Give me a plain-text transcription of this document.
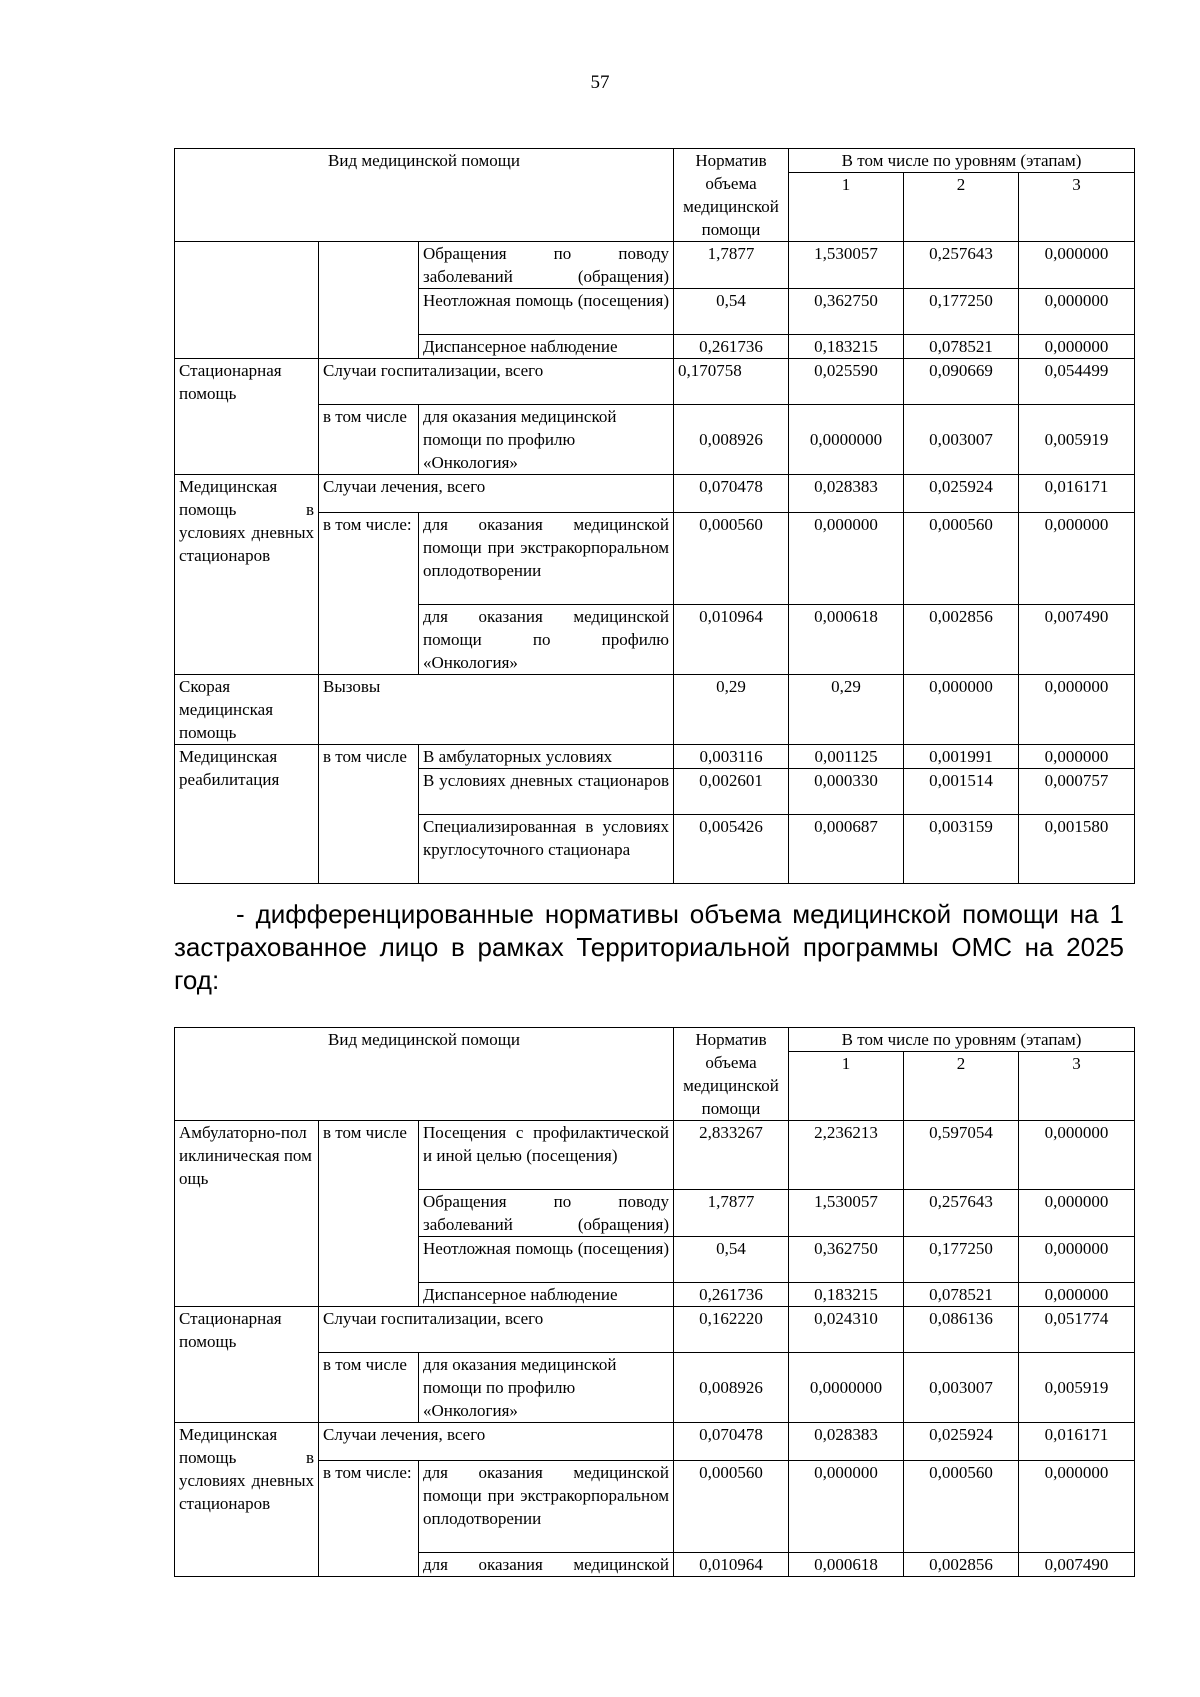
57
Вид медицинской помощи			Норматив объема медицинской помощи	В том числе по уровням (этапам)		
				1	2	3
		Обращения по поводу заболеваний (обращения)	1,7877	1,530057	0,257643	0,000000
		Неотложная помощь (посещения)	0,54	0,362750	0,177250	0,000000
		Диспансерное наблюдение	0,261736	0,183215	0,078521	0,000000
Стационарная помощь	Случаи госпитализации, всего		0,170758	0,025590	0,090669	0,054499
	в том числе	для оказания медицинской помощи по профилю «Онкология»	0,008926	0,0000000	0,003007	0,005919
Медицинская помощь в условиях дневных стационаров	Случаи лечения, всего		0,070478	0,028383	0,025924	0,016171
	в том числе:	для оказания медицинской помощи при экстракорпоральном оплодотворении	0,000560	0,000000	0,000560	0,000000
		для оказания медицинской помощи по профилю «Онкология»	0,010964	0,000618	0,002856	0,007490
Скорая медицинская помощь	Вызовы		0,29	0,29	0,000000	0,000000
Медицинская реабилитация	в том числе	В амбулаторных условиях	0,003116	0,001125	0,001991	0,000000
		В условиях дневных стационаров	0,002601	0,000330	0,001514	0,000757
		Специализированная в условиях круглосуточного стационара	0,005426	0,000687	0,003159	0,001580
- дифференцированные нормативы объема медицинской помощи на 1 застрахованное лицо в рамках Территориальной программы ОМС на 2025 год:
Вид медицинской помощи			Норматив объема медицинской помощи	В том числе по уровням (этапам)		
				1	2	3
Амбулаторно-поликлиническая помощь	в том числе	Посещения с профилактической и иной целью (посещения)	2,833267	2,236213	0,597054	0,000000
		Обращения по поводу заболеваний (обращения)	1,7877	1,530057	0,257643	0,000000
		Неотложная помощь (посещения)	0,54	0,362750	0,177250	0,000000
		Диспансерное наблюдение	0,261736	0,183215	0,078521	0,000000
Стационарная помощь	Случаи госпитализации, всего		0,162220	0,024310	0,086136	0,051774
	в том числе	для оказания медицинской помощи по профилю «Онкология»	0,008926	0,0000000	0,003007	0,005919
Медицинская помощь в условиях дневных стационаров	Случаи лечения, всего		0,070478	0,028383	0,025924	0,016171
	в том числе:	для оказания медицинской помощи при экстракорпоральном оплодотворении	0,000560	0,000000	0,000560	0,000000
		для оказания медицинской	0,010964	0,000618	0,002856	0,007490
